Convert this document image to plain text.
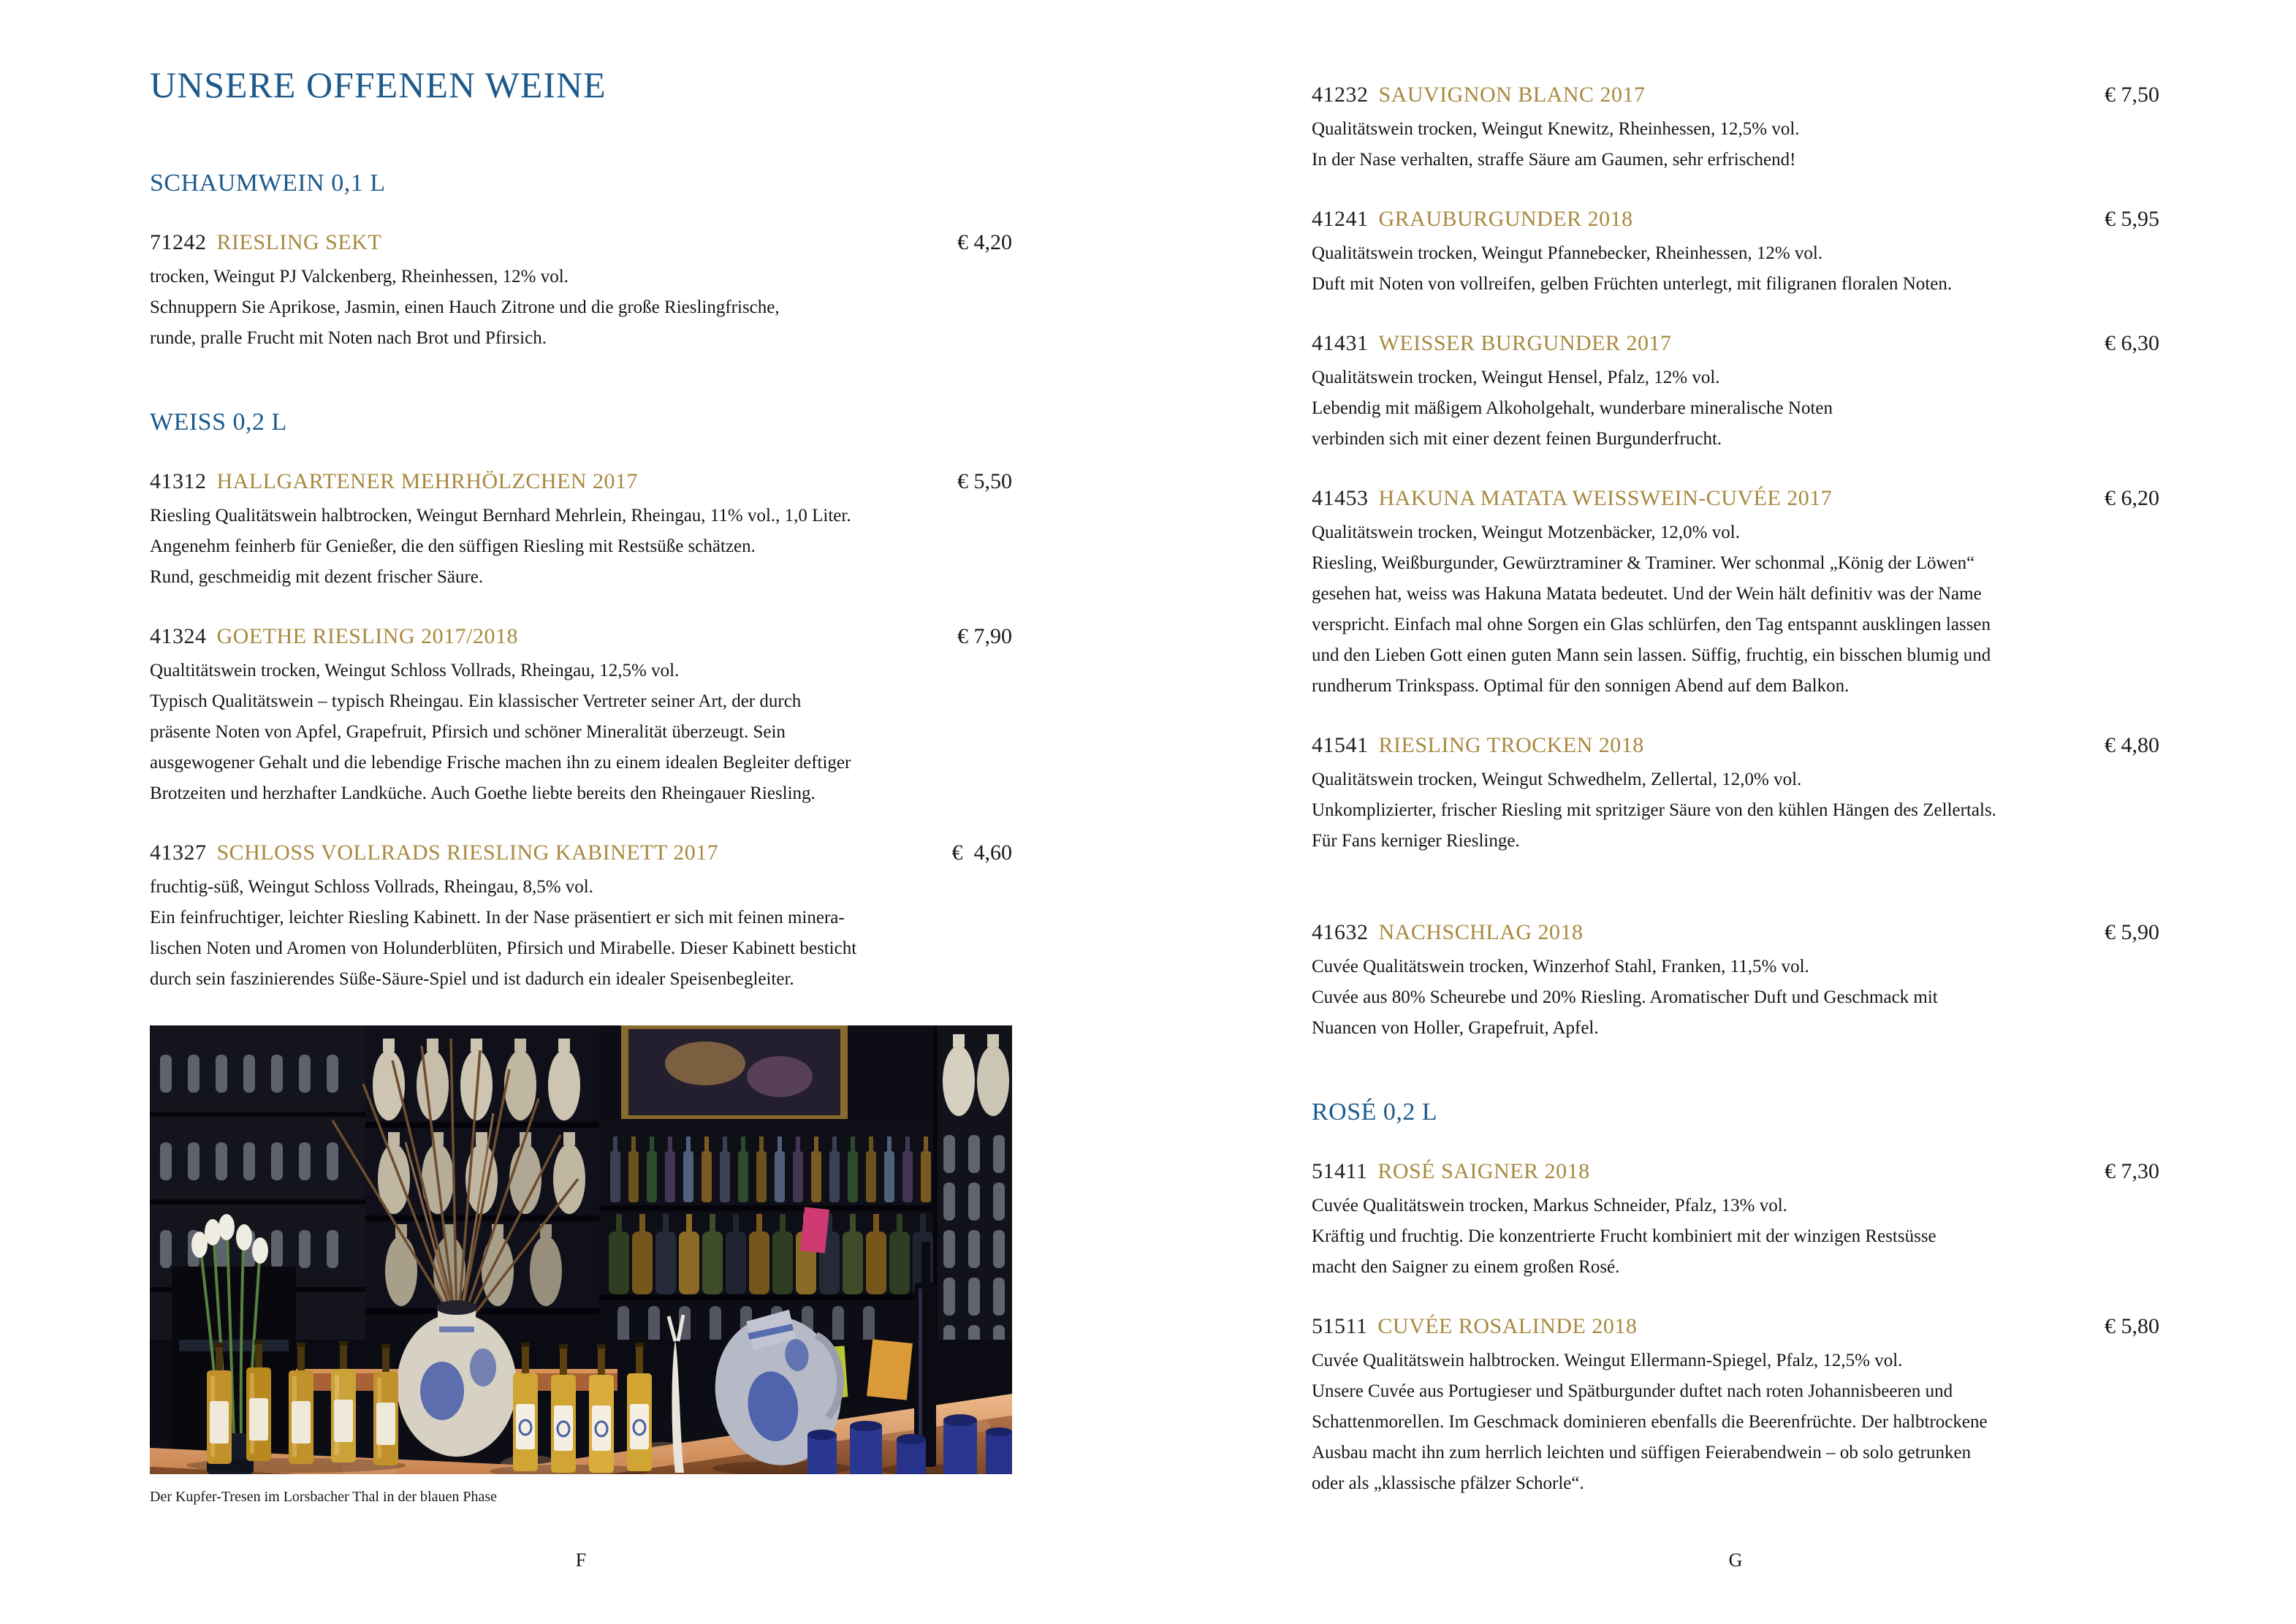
UNSERE OFFENEN WEINE
SCHAUMWEIN 0,1 L
71242 RIESLING SEKT	€ 4,20
trocken, Weingut PJ Valckenberg, Rheinhessen, 12% vol.
Schnuppern Sie Aprikose, Jasmin, einen Hauch Zitrone und die große Rieslingfrische,
runde, pralle Frucht mit Noten nach Brot und Pfirsich.
WEISS 0,2 L
41312 HALLGARTENER MEHRHÖLZCHEN 2017	€ 5,50
Riesling Qualitätswein halbtrocken, Weingut Bernhard Mehrlein, Rheingau, 11% vol., 1,0 Liter.
Angenehm feinherb für Genießer, die den süffigen Riesling mit Restsüße schätzen.
Rund, geschmeidig mit dezent frischer Säure.
41324 GOETHE RIESLING 2017/2018	€ 7,90
Qualtitätswein trocken, Weingut Schloss Vollrads, Rheingau, 12,5% vol.
Typisch Qualitätswein – typisch Rheingau. Ein klassischer Vertreter seiner Art, der durch
präsente Noten von Apfel, Grapefruit, Pfirsich und schöner Mineralität überzeugt. Sein
ausgewogener Gehalt und die lebendige Frische machen ihn zu einem idealen Begleiter deftiger
Brotzeiten und herzhafter Landküche. Auch Goethe liebte bereits den Rheingauer Riesling.
41327 SCHLOSS VOLLRADS RIESLING KABINETT 2017	€  4,60
fruchtig-süß, Weingut Schloss Vollrads, Rheingau, 8,5% vol.
Ein feinfruchtiger, leichter Riesling Kabinett. In der Nase präsentiert er sich mit feinen minera-
lischen Noten und Aromen von Holunderblüten, Pfirsich und Mirabelle. Dieser Kabinett besticht
durch sein faszinierendes Süße-Säure-Spiel und ist dadurch ein idealer Speisenbegleiter.
Der Kupfer-Tresen im Lorsbacher Thal in der blauen Phase
41232 SAUVIGNON BLANC 2017	€ 7,50
Qualitätswein trocken, Weingut Knewitz, Rheinhessen, 12,5% vol.
In der Nase verhalten, straffe Säure am Gaumen, sehr erfrischend!
41241 GRAUBURGUNDER 2018	€ 5,95
Qualitätswein trocken, Weingut Pfannebecker, Rheinhessen, 12% vol.
Duft mit Noten von vollreifen, gelben Früchten unterlegt, mit filigranen floralen Noten.
41431 WEISSER BURGUNDER 2017	€ 6,30
Qualitätswein trocken, Weingut Hensel, Pfalz, 12% vol.
Lebendig mit mäßigem Alkoholgehalt, wunderbare mineralische Noten
verbinden sich mit einer dezent feinen Burgunderfrucht.
41453 HAKUNA MATATA WEISSWEIN-CUVÉE 2017	€ 6,20
Qualitätswein trocken, Weingut Motzenbäcker, 12,0% vol.
Riesling, Weißburgunder, Gewürztraminer & Traminer. Wer schonmal „König der Löwen“
gesehen hat, weiss was Hakuna Matata bedeutet. Und der Wein hält definitiv was der Name
verspricht. Einfach mal ohne Sorgen ein Glas schlürfen, den Tag entspannt ausklingen lassen
und den Lieben Gott einen guten Mann sein lassen. Süffig, fruchtig, ein bisschen blumig und
rundherum Trinkspass. Optimal für den sonnigen Abend auf dem Balkon.
41541 RIESLING TROCKEN 2018	€ 4,80
Qualitätswein trocken, Weingut Schwedhelm, Zellertal, 12,0% vol.
Unkomplizierter, frischer Riesling mit spritziger Säure von den kühlen Hängen des Zellertals.
Für Fans kerniger Rieslinge.
41632 NACHSCHLAG 2018	€ 5,90
Cuvée Qualitätswein trocken, Winzerhof Stahl, Franken, 11,5% vol.
Cuvée aus 80% Scheurebe und 20% Riesling. Aromatischer Duft und Geschmack mit
Nuancen von Holler, Grapefruit, Apfel.
ROSÉ 0,2 L
51411 ROSÉ SAIGNER 2018	€ 7,30
Cuvée Qualitätswein trocken, Markus Schneider, Pfalz, 13% vol.
Kräftig und fruchtig. Die konzentrierte Frucht kombiniert mit der winzigen Restsüsse
macht den Saigner zu einem großen Rosé.
51511 CUVÉE ROSALINDE 2018	€ 5,80
Cuvée Qualitätswein halbtrocken. Weingut Ellermann-Spiegel, Pfalz, 12,5% vol.
Unsere Cuvée aus Portugieser und Spätburgunder duftet nach roten Johannisbeeren und
Schattenmorellen. Im Geschmack dominieren ebenfalls die Beerenfrüchte. Der halbtrockene
Ausbau macht ihn zum herrlich leichten und süffigen Feierabendwein – ob solo getrunken
oder als „klassische pfälzer Schorle“.
F	G
